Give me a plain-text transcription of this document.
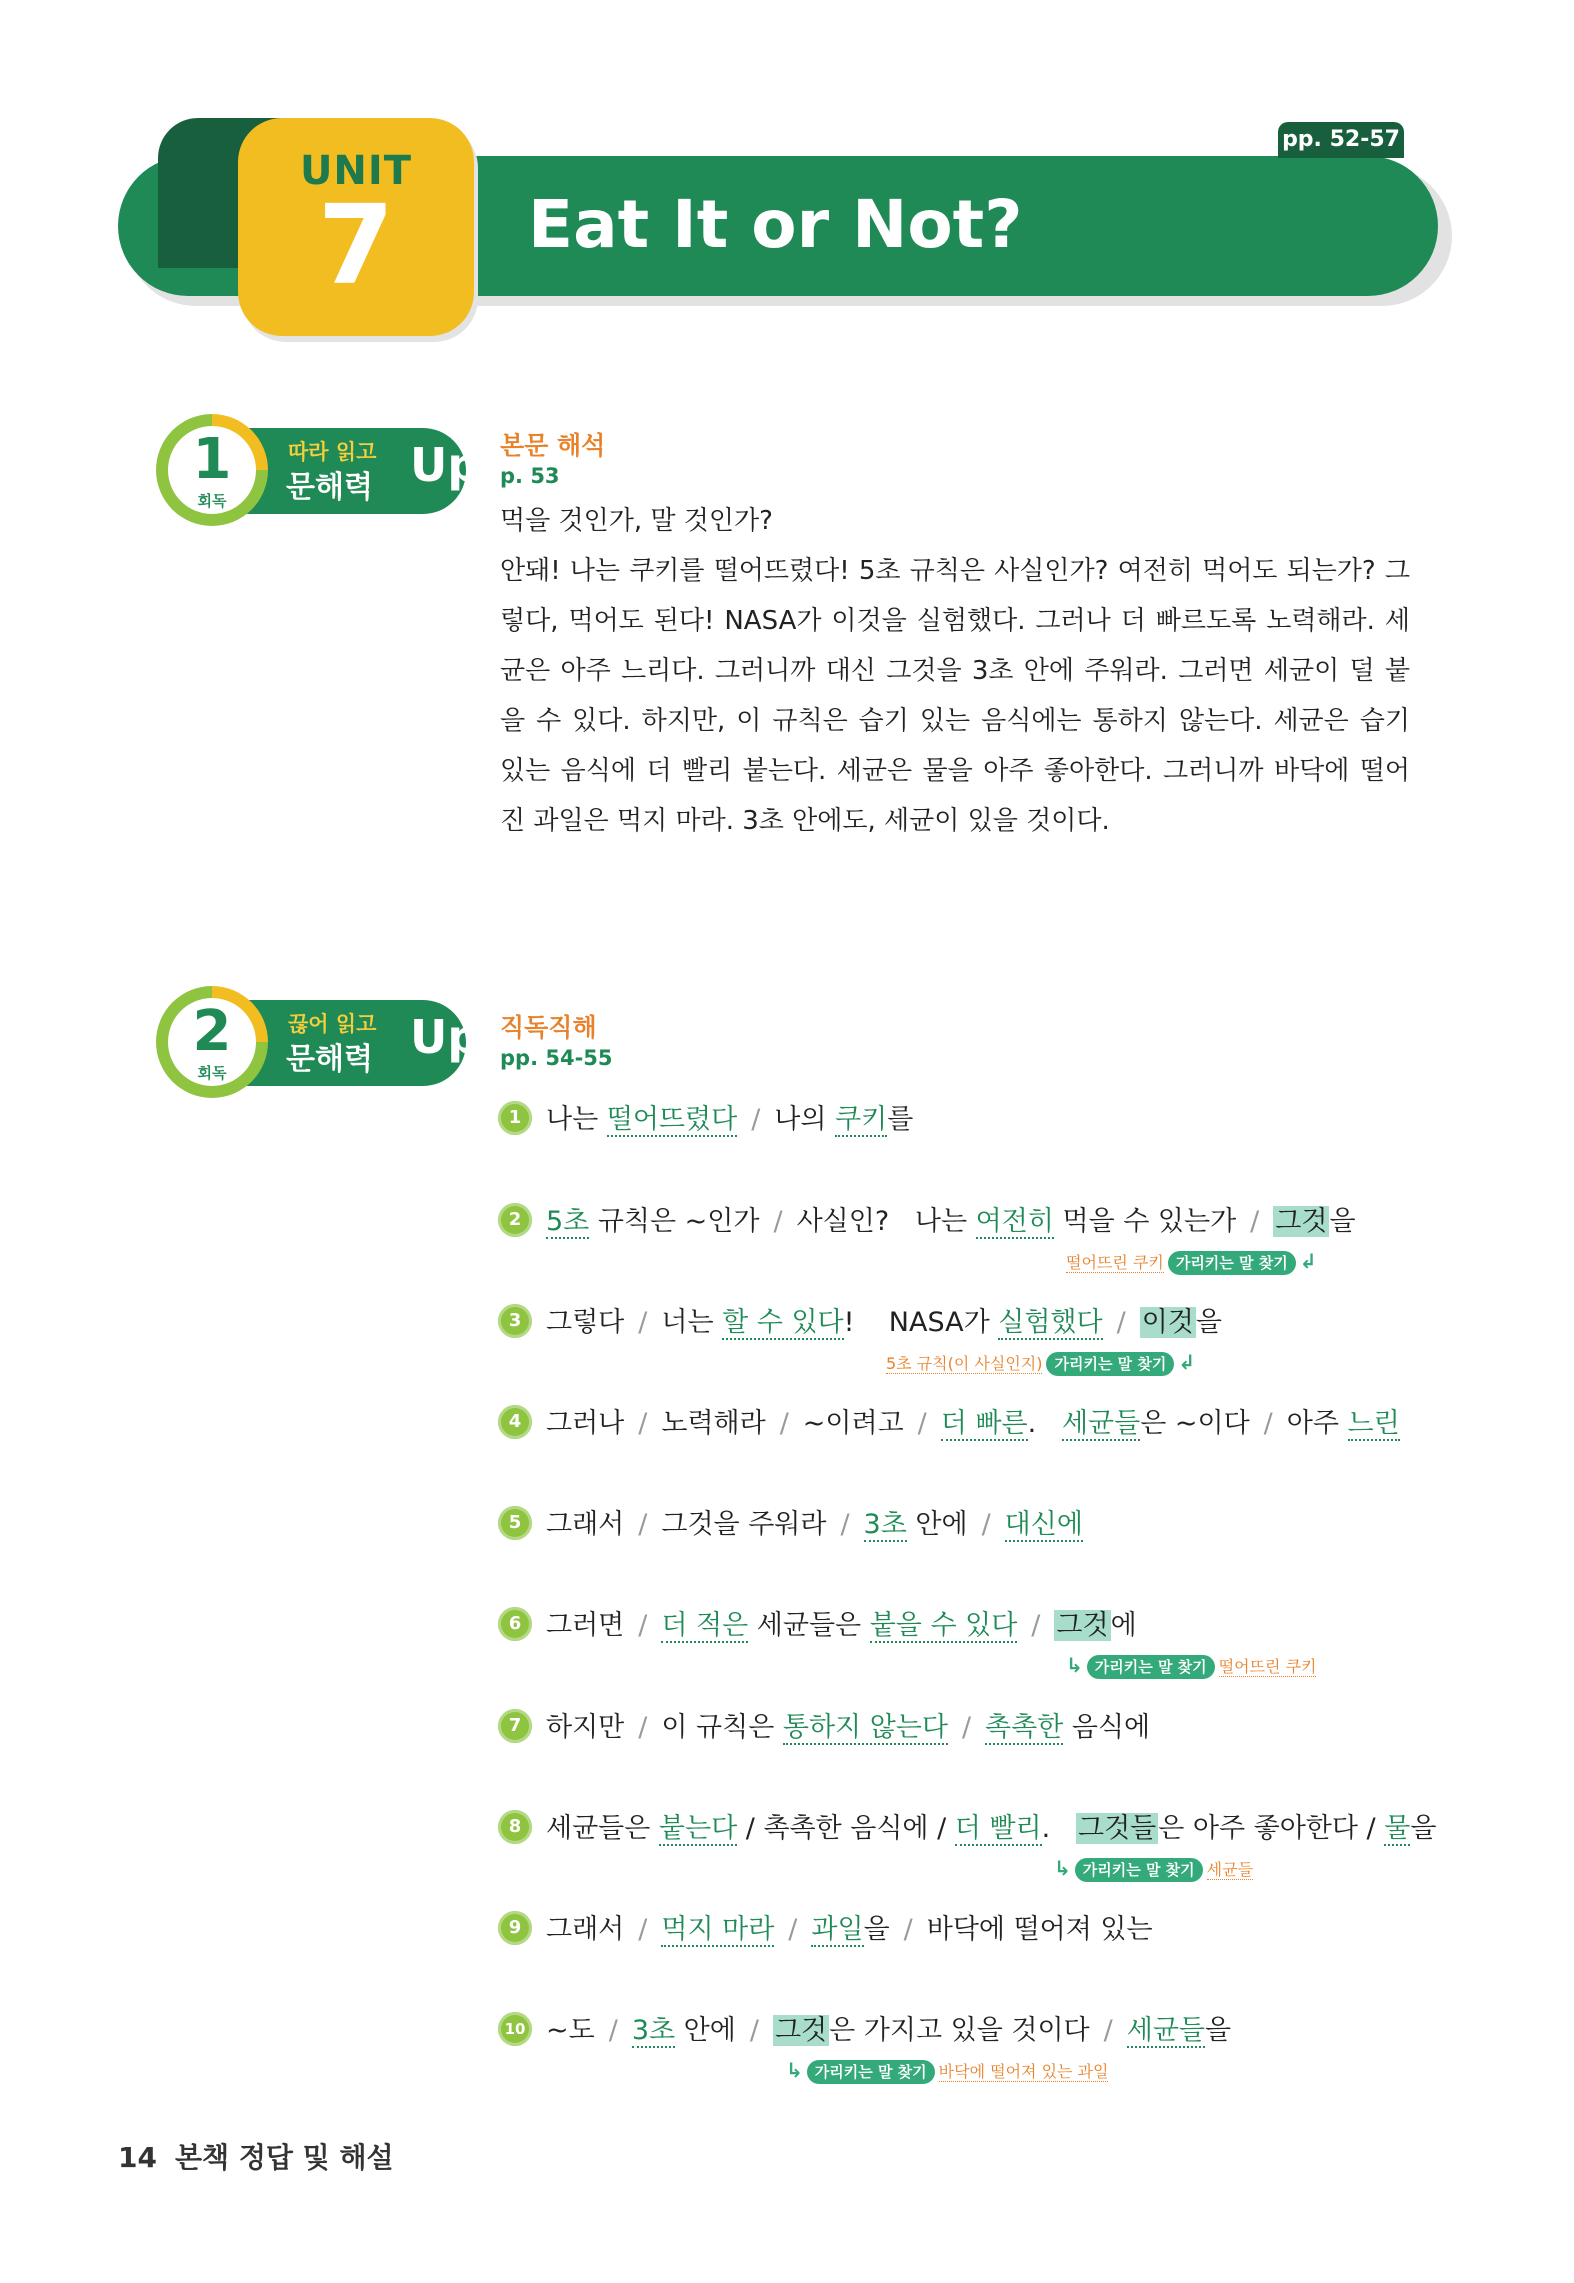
pp. 52-57
UNIT
7	Eat It or Not?
1
회독
따라 읽고
문해력 Up 본문 해석
p. 53
먹을 것인가, 말 것인가?
안돼! 나는 쿠키를 떨어뜨렸다! 5초 규칙은 사실인가? 여전히 먹어도 되는가? 그렇다, 먹어도 된다! NASA가 이것을 실험했다. 그러나 더 빠르도록 노력해라. 세균은 아주 느리다. 그러니까 대신 그것을 3초 안에 주워라. 그러면 세균이 덜 붙을 수 있다. 하지만, 이 규칙은 습기 있는 음식에는 통하지 않는다. 세균은 습기 있는 음식에 더 빨리 붙는다. 세균은 물을 아주 좋아한다. 그러니까 바닥에 떨어진 과일은 먹지 마라. 3초 안에도, 세균이 있을 것이다.
2
회독
끊어 읽고
문해력 Up 직독직해
pp. 54-55
1 나는 떨어뜨렸다 / 나의 쿠키를
2 5초 규칙은 ~인가 / 사실인? 나는 여전히 먹을 수 있는가 / 그것을
떨어뜨린 쿠키 가리키는 말 찾기 ↲
3 그렇다 / 너는 할 수 있다! NASA가 실험했다 / 이것을
5초 규칙(이 사실인지) 가리키는 말 찾기 ↲
4 그러나 / 노력해라 / ~이려고 / 더 빠른. 세균들은 ~이다 / 아주 느린
5 그래서 / 그것을 주워라 / 3초 안에 / 대신에
6 그러면 / 더 적은 세균들은 붙을 수 있다 / 그것에
↳ 가리키는 말 찾기 떨어뜨린 쿠키
7 하지만 / 이 규칙은 통하지 않는다 / 촉촉한 음식에
8 세균들은 붙는다 / 촉촉한 음식에 / 더 빨리. 그것들은 아주 좋아한다 / 물을
↳ 가리키는 말 찾기 세균들
9 그래서 / 먹지 마라 / 과일을 / 바닥에 떨어져 있는
10 ~도 / 3초 안에 / 그것은 가지고 있을 것이다 / 세균들을
↳ 가리키는 말 찾기 바닥에 떨어져 있는 과일
14 본책 정답 및 해설
